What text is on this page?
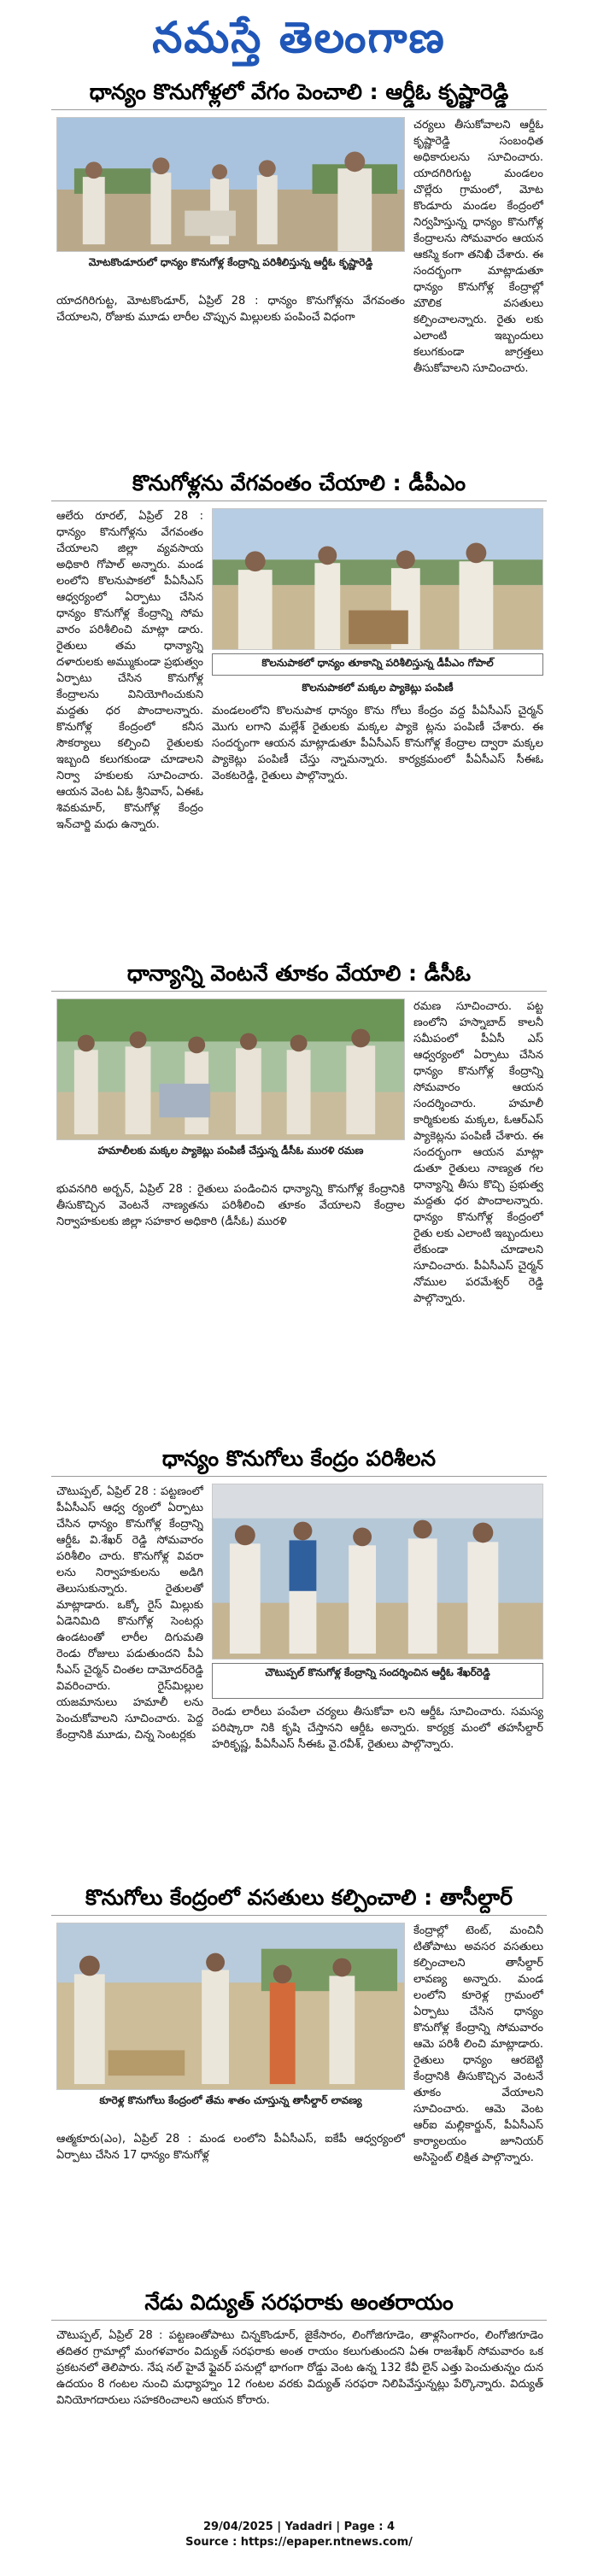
నమస్తే తెలంగాణ
ధాన్యం కొనుగోళ్లలో వేగం పెంచాలి : ఆర్డీఓ కృష్ణారెడ్డి
మోటకొండూరులో ధాన్యం కొనుగోళ్ల కేంద్రాన్ని పరిశీలిస్తున్న ఆర్డీఓ కృష్ణారెడ్డి
యాదగిరిగుట్ట, మోటకొండూర్, ఏప్రిల్ 28 : ధాన్యం కొనుగోళ్లను వేగవంతం చేయాలని, రోజుకు మూడు లారీల చొప్పున మిల్లులకు పంపించే విధంగా
చర్యలు తీసుకోవాలని ఆర్డీఓ కృష్ణారెడ్డి సంబంధిత అధికారులను సూచించారు. యాదగిరిగుట్ట మండలం చొల్లేరు గ్రామంలో, మోట కొండూరు మండల కేంద్రంలో నిర్వహిస్తున్న ధాన్యం కొనుగోళ్ల కేంద్రాలను సోమవారం ఆయన ఆకస్మి కంగా తనిఖీ చేశారు. ఈ సందర్భంగా మాట్లాడుతూ ధాన్యం కొనుగోళ్ల కేంద్రాల్లో మౌలిక వసతులు కల్పించాలన్నారు. రైతు లకు ఎలాంటి ఇబ్బందులు కలుగకుండా జాగ్రత్తలు తీసుకోవాలని సూచించారు.
కొనుగోళ్లను వేగవంతం చేయాలి : డీపీఎం
ఆలేరు రూరల్, ఏప్రిల్ 28 : ధాన్యం కొనుగోళ్లను వేగవంతం చేయాలని జిల్లా వ్యవసాయ అధికారి గోపాల్ అన్నారు. మండ లంలోని కొలనుపాకలో పీఏసీఎస్ ఆధ్వర్యంలో ఏర్పాటు చేసిన ధాన్యం కొనుగోళ్ల కేంద్రాన్ని సోమ వారం పరిశీలించి మాట్లా డారు. రైతులు తమ ధాన్యాన్ని దళారులకు అమ్ముకుండా ప్రభుత్వం ఏర్పాటు చేసిన కొనుగోళ్ల కేంద్రాలను వినియోగించుకుని మద్దతు ధర పొందాలన్నారు. కొనుగోళ్ల కేంద్రంలో కనీస సౌకర్యాలు కల్పించి రైతులకు ఇబ్బంది కలుగకుండా చూడాలని నిర్వా హకులకు సూచించారు. ఆయన వెంట ఏఓ శ్రీనివాస్, ఏఈఓ శివకుమార్, కొనుగోళ్ల కేంద్రం ఇన్‌చార్జి మధు ఉన్నారు.
కొలనుపాకలో ధాన్యం తూకాన్ని పరిశీలిస్తున్న డీపీఎం గోపాల్
కొలనుపాకలో మక్కల ప్యాకెట్లు పంపిణీ
మండలంలోని కొలనుపాక ధాన్యం కొను గోలు కేంద్రం వద్ద పీఏసీఎస్ చైర్మన్ మొగు లగాని మల్లేశ్ రైతులకు మక్కల ప్యాకె ట్లను పంపిణీ చేశారు. ఈ సందర్భంగా ఆయన మాట్లాడుతూ పీఏసీఎస్ కొనుగోళ్ల కేంద్రాల ద్వారా మక్కల ప్యాకెట్లు పంపిణీ చేస్తు న్నామన్నారు. కార్యక్రమంలో పీఏసీఎస్ సీఈఓ వెంకటరెడ్డి, రైతులు పాల్గొన్నారు.
ధాన్యాన్ని వెంటనే తూకం వేయాలి : డీసీఓ
హమాలీలకు మక్కల ప్యాకెట్లు పంపిణీ చేస్తున్న డీసీఓ మురళి రమణ
భువనగిరి అర్బన్, ఏప్రిల్ 28 : రైతులు పండించిన ధాన్యాన్ని కొనుగోళ్ల కేంద్రానికి తీసుకొచ్చిన వెంటనే నాణ్యతను పరిశీలించి తూకం వేయాలని కేంద్రాల నిర్వాహకులకు జిల్లా సహకార అధికారి (డీసీఓ) మురళి
రమణ సూచించారు. పట్ట ణంలోని హస్నాబాద్ కాలనీ సమీపంలో పీఏసీ ఎస్ ఆధ్వర్యంలో ఏర్పాటు చేసిన ధాన్యం కొనుగోళ్ల కేంద్రాన్ని సోమవారం ఆయన సందర్శించారు. హమాలీ కార్మికులకు మక్కల, ఓఆర్ఎస్ ప్యాకెట్లను పంపిణీ చేశారు. ఈ సందర్భంగా ఆయన మాట్లా డుతూ రైతులు నాణ్యత గల ధాన్యాన్ని తీసు కొచ్చి ప్రభుత్వ మద్దతు ధర పొందాలన్నారు. ధాన్యం కొనుగోళ్ల కేంద్రంలో రైతు లకు ఎలాంటి ఇబ్బందులు లేకుండా చూడాలని సూచించారు. పీఏసీఎస్ చైర్మన్ నోముల పరమేశ్వర్ రెడ్డి పాల్గొన్నారు.
ధాన్యం కొనుగోలు కేంద్రం పరిశీలన
చౌటుప్పల్, ఏప్రిల్ 28 : పట్టణంలో పీఏసీఎస్ ఆధ్వ ర్యంలో ఏర్పాటు చేసిన ధాన్యం కొనుగోళ్ల కేంద్రాన్ని ఆర్డీఓ వి.శేఖర్ రెడ్డి సోమవారం పరిశీలిం చారు. కొనుగోళ్ల వివరా లను నిర్వాహకులను అడిగి తెలుసుకున్నారు. రైతులతో మాట్లాడారు. ఒక్కో రైస్ మిల్లుకు ఏడెనిమిది కొనుగోళ్ల సెంటర్లు ఉండటంతో లారీల దిగుమతి రెండు రోజులు పడుతుందని పీఏ సీఎస్ చైర్మన్ చింతల దామోదర్‌రెడ్డి వివరించారు. రైస్‌మిల్లుల యజమానులు హమాలీ లను పెంచుకోవాలని సూచించారు. పెద్ద కేంద్రానికి మూడు, చిన్న సెంటర్లకు
చౌటుప్పల్ కొనుగోళ్ల కేంద్రాన్ని సందర్శించిన ఆర్డీఓ శేఖర్‌రెడ్డి
రెండు లారీలు పంపేలా చర్యలు తీసుకోవా లని ఆర్డీఓ సూచించారు. సమస్య పరిష్కారా నికి కృషి చేస్తానని ఆర్డీఓ అన్నారు. కార్యక్ర మంలో తహసీల్దార్ హరికృష్ణ, పీఏసీఎస్ సీఈఓ వై.రవీశ్, రైతులు పాల్గొన్నారు.
కొనుగోలు కేంద్రంలో వసతులు కల్పించాలి : తాసీల్దార్
కూరెళ్ల కొనుగోలు కేంద్రంలో తేమ శాతం చూస్తున్న తాసీల్దార్ లావణ్య
ఆత్మకూరు(ఎం), ఏప్రిల్ 28 : మండ లంలోని పీఏసీఎస్, ఐకేపీ ఆధ్వర్యంలో ఏర్పాటు చేసిన 17 ధాన్యం కొనుగోళ్ల
కేంద్రాల్లో టెంట్, మంచినీ టితోపాటు అవసర వసతులు కల్పించాలని తాసీల్దార్ లావణ్య అన్నారు. మండ లంలోని కూరెళ్ల గ్రామంలో ఏర్పాటు చేసిన ధాన్యం కొనుగోళ్ల కేంద్రాన్ని సోమవారం ఆమె పరిశీ లించి మాట్లాడారు. రైతులు ధాన్యం ఆరబెట్టి కేంద్రానికి తీసుకొచ్చిన వెంటనే తూకం వేయాలని సూచించారు. ఆమె వెంట ఆర్ఐ మల్లికార్జున్, పీఏసీఎస్ కార్యాలయం జూనియర్ అసిస్టెంట్ లిక్షిత పాల్గొన్నారు.
నేడు విద్యుత్ సరఫరాకు అంతరాయం
చౌటుప్పల్, ఏప్రిల్ 28 : పట్టణంతోపాటు చిన్నకొండూర్, జైకేసారం, లింగోజిగూడెం, తాళ్లసింగారం, లింగోజిగూడెం తదితర గ్రామాల్లో మంగళవారం విద్యుత్ సరఫరాకు అంత రాయం కలుగుతుందని ఏఈ రాజశేఖర్ సోమవారం ఒక ప్రకటనలో తెలిపారు. నేష నల్ హైవే ఫ్లైవర్ పనుల్లో భాగంగా రోడ్డు వెంట ఉన్న 132 కేవీ లైన్ ఎత్తు పెంచుతున్నం దున ఉదయం 8 గంటల నుంచి మధ్యాహ్నం 12 గంటల వరకు విద్యుత్ సరఫరా నిలిపివేస్తున్నట్లు పేర్కొన్నారు. విద్యుత్ వినియోగదారులు సహకరించాలని ఆయన కోరారు.
29/04/2025 | Yadadri | Page : 4
Source : https://epaper.ntnews.com/
